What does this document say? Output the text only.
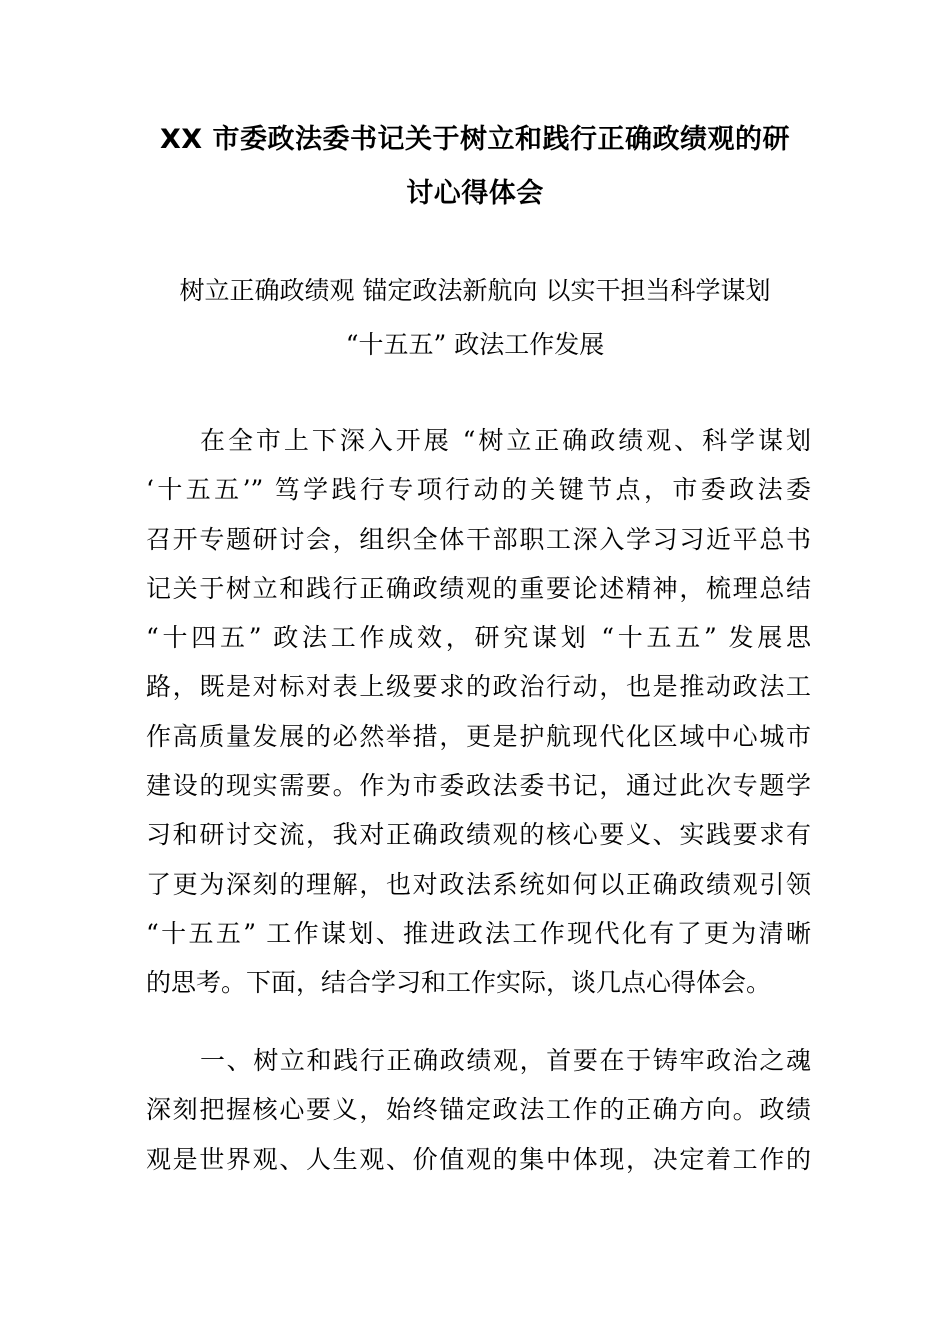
XX 市委政法委书记关于树立和践行正确政绩观的研
讨心得体会
树立正确政绩观 锚定政法新航向 以实干担当科学谋划
“十五五” 政法工作发展
在全市上下深入开展 “树立正确政绩观、科学谋划
‘十五五’” 笃学践行专项行动的关键节点，市委政法委
召开专题研讨会，组织全体干部职工深入学习习近平总书
记关于树立和践行正确政绩观的重要论述精神，梳理总结
“十四五” 政法工作成效，研究谋划 “十五五” 发展思
路，既是对标对表上级要求的政治行动，也是推动政法工
作高质量发展的必然举措，更是护航现代化区域中心城市
建设的现实需要。作为市委政法委书记，通过此次专题学
习和研讨交流，我对正确政绩观的核心要义、实践要求有
了更为深刻的理解，也对政法系统如何以正确政绩观引领
“十五五” 工作谋划、推进政法工作现代化有了更为清晰
的思考。下面，结合学习和工作实际，谈几点心得体会。
一、树立和践行正确政绩观，首要在于铸牢政治之魂
深刻把握核心要义，始终锚定政法工作的正确方向。政绩
观是世界观、人生观、价值观的集中体现，决定着工作的
